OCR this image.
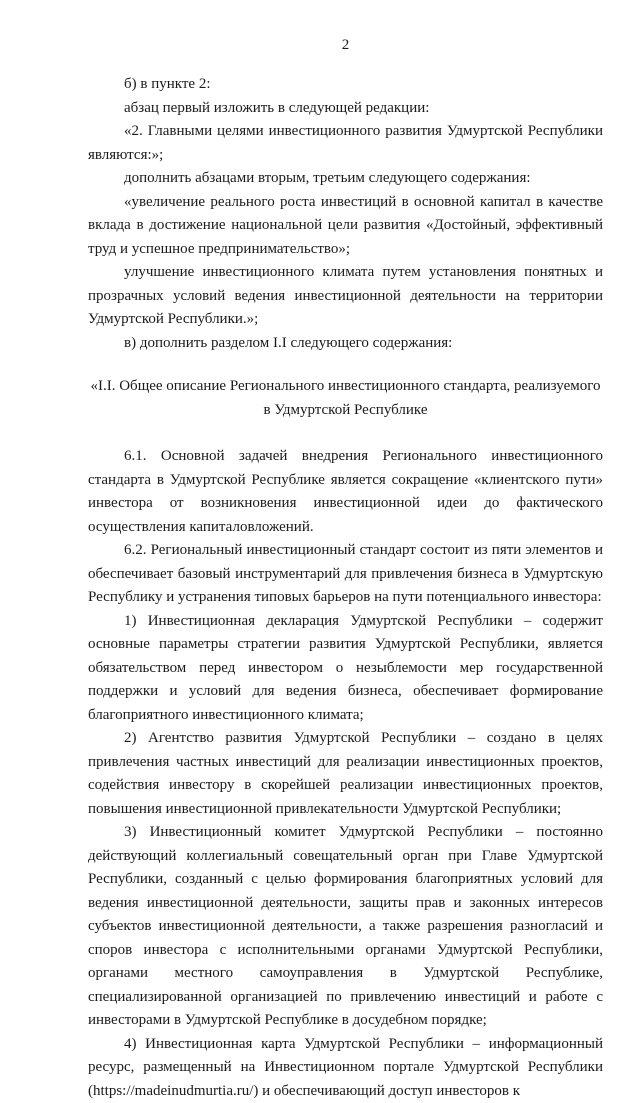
2

б) в пункте 2:

абзац первый изложить в следующей редакции:

«2. Главными целями инвестиционного развития Удмуртской Республики являются:»;

дополнить абзацами вторым, третьим следующего содержания:

«увеличение реального роста инвестиций в основной капитал в качестве вклада в достижение национальной цели развития «Достойный, эффективный труд и успешное предпринимательство»;

улучшение инвестиционного климата путем установления понятных и прозрачных условий ведения инвестиционной деятельности на территории Удмуртской Республики.»;

в) дополнить разделом I.I следующего содержания:

«I.I. Общее описание Регионального инвестиционного стандарта, реализуемого в Удмуртской Республике

6.1. Основной задачей внедрения Регионального инвестиционного стандарта в Удмуртской Республике является сокращение «клиентского пути» инвестора от возникновения инвестиционной идеи до фактического осуществления капиталовложений.

6.2. Региональный инвестиционный стандарт состоит из пяти элементов и обеспечивает базовый инструментарий для привлечения бизнеса в Удмуртскую Республику и устранения типовых барьеров на пути потенциального инвестора:

1) Инвестиционная декларация Удмуртской Республики – содержит основные параметры стратегии развития Удмуртской Республики, является обязательством перед инвестором о незыблемости мер государственной поддержки и условий для ведения бизнеса, обеспечивает формирование благоприятного инвестиционного климата;

2) Агентство развития Удмуртской Республики – создано в целях привлечения частных инвестиций для реализации инвестиционных проектов, содействия инвестору в скорейшей реализации инвестиционных проектов, повышения инвестиционной привлекательности Удмуртской Республики;

3) Инвестиционный комитет Удмуртской Республики – постоянно действующий коллегиальный совещательный орган при Главе Удмуртской Республики, созданный с целью формирования благоприятных условий для ведения инвестиционной деятельности, защиты прав и законных интересов субъектов инвестиционной деятельности, а также разрешения разногласий и споров инвестора с исполнительными органами Удмуртской Республики, органами местного самоуправления в Удмуртской Республике, специализированной организацией по привлечению инвестиций и работе с инвесторами в Удмуртской Республике в досудебном порядке;

4) Инвестиционная карта Удмуртской Республики – информационный ресурс, размещенный на Инвестиционном портале Удмуртской Республики (https://madeinudmurtia.ru/) и обеспечивающий доступ инвесторов к
